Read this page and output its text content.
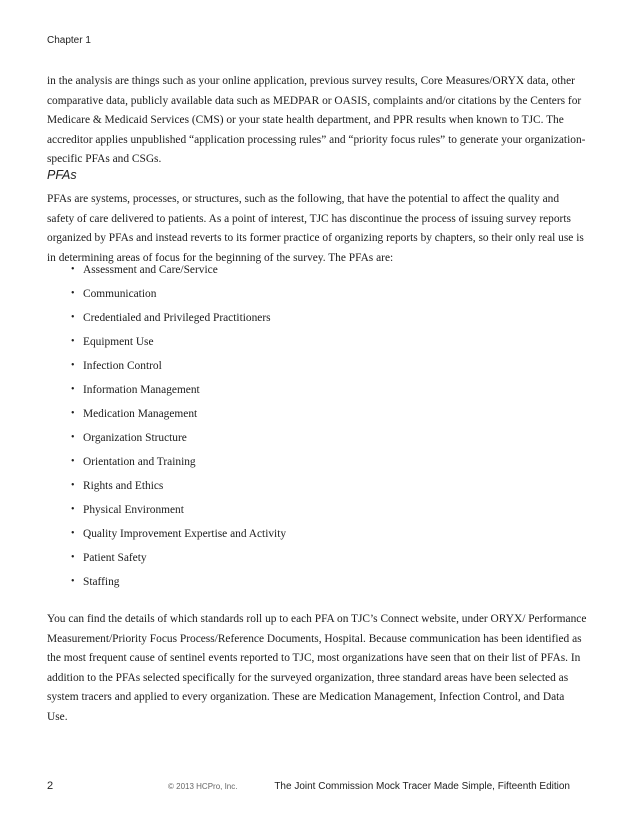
Chapter 1

in the analysis are things such as your online application, previous survey results, Core Measures/ORYX data, other comparative data, publicly available data such as MEDPAR or OASIS, complaints and/or citations by the Centers for Medicare & Medicaid Services (CMS) or your state health department, and PPR results when known to TJC. The accreditor applies unpublished “application processing rules” and “priority focus rules” to generate your organization-specific PFAs and CSGs.

PFAs

PFAs are systems, processes, or structures, such as the following, that have the potential to affect the quality and safety of care delivered to patients. As a point of interest, TJC has discontinue the process of issuing survey reports organized by PFAs and instead reverts to its former practice of organizing reports by chapters, so their only real use is in determining areas of focus for the beginning of the survey. The PFAs are:

• Assessment and Care/Service
• Communication
• Credentialed and Privileged Practitioners
• Equipment Use
• Infection Control
• Information Management
• Medication Management
• Organization Structure
• Orientation and Training
• Rights and Ethics
• Physical Environment
• Quality Improvement Expertise and Activity
• Patient Safety
• Staffing

You can find the details of which standards roll up to each PFA on TJC’s Connect website, under ORYX/ Performance Measurement/Priority Focus Process/Reference Documents, Hospital. Because communication has been identified as the most frequent cause of sentinel events reported to TJC, most organizations have seen that on their list of PFAs. In addition to the PFAs selected specifically for the surveyed organization, three standard areas have been selected as system tracers and applied to every organization. These are Medication Management, Infection Control, and Data Use.

2	© 2013 HCPro, Inc.	The Joint Commission Mock Tracer Made Simple, Fifteenth Edition
